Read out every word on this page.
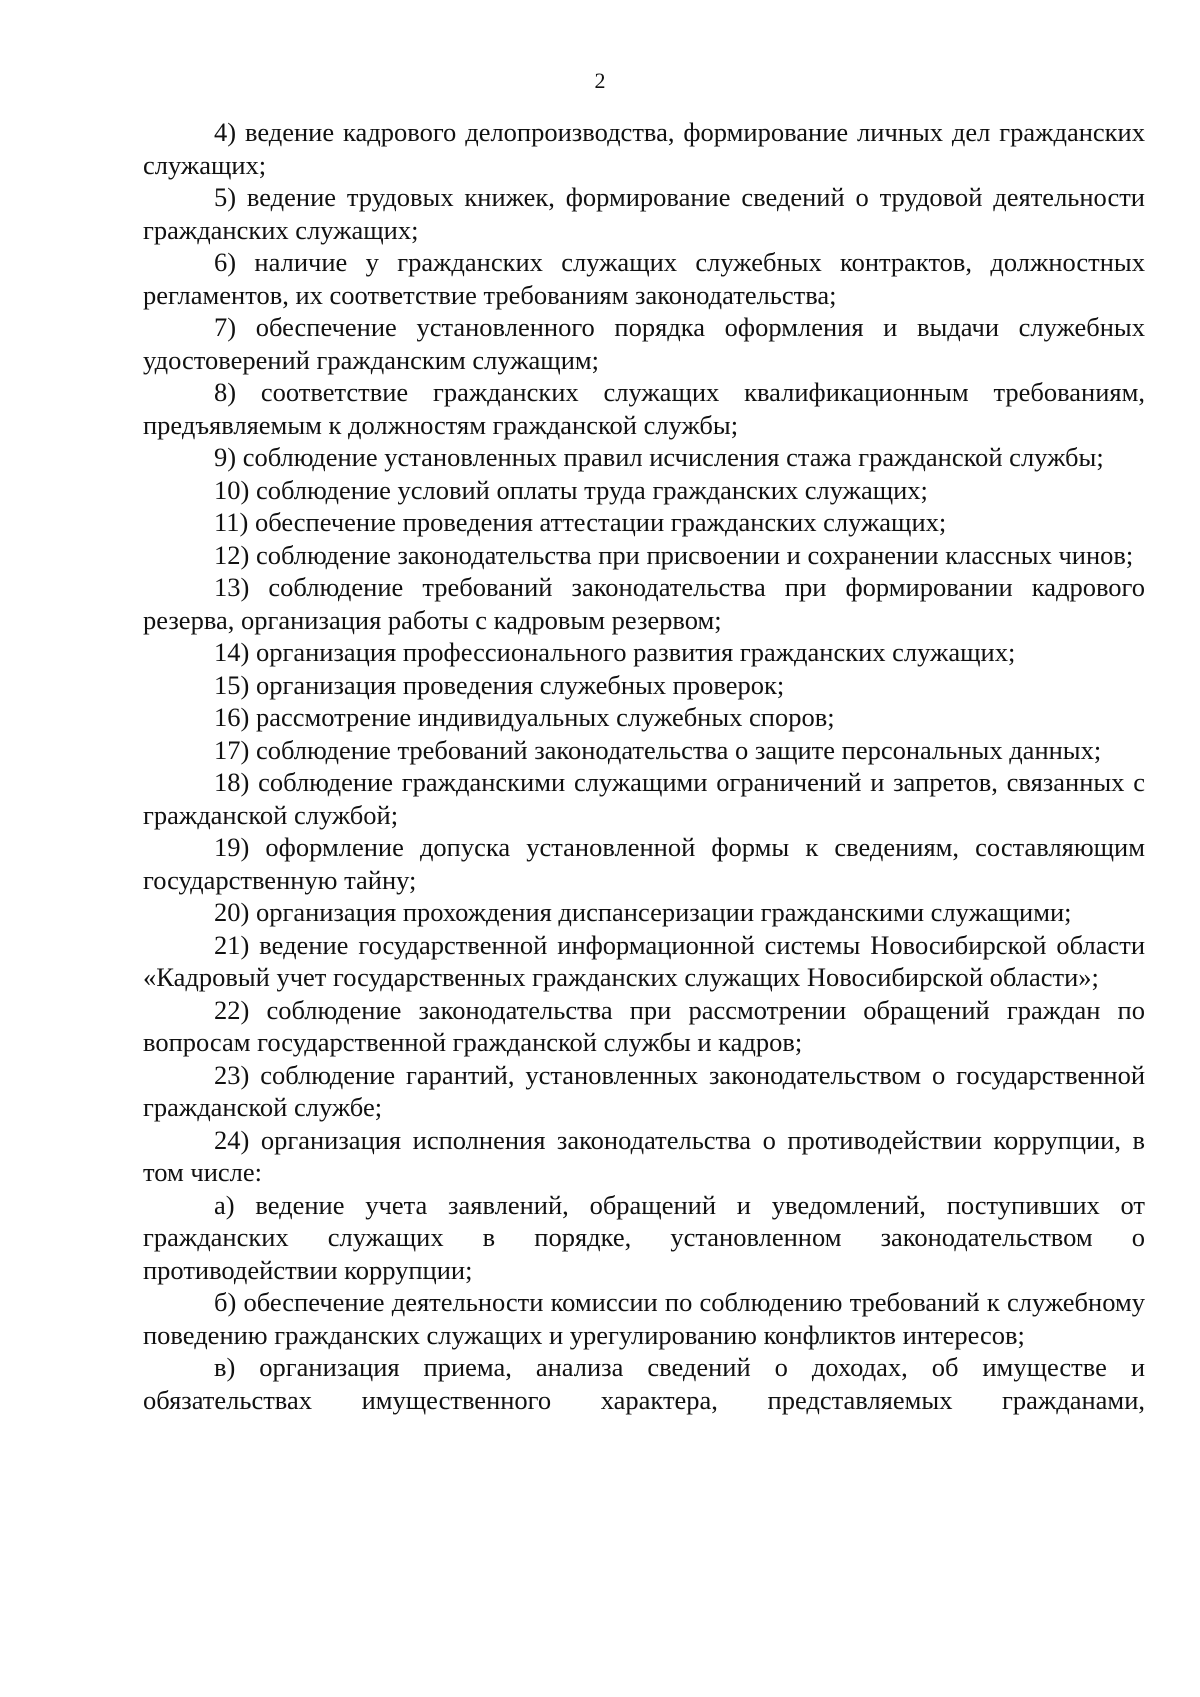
2

4) ведение кадрового делопроизводства, формирование личных дел гражданских служащих;

5) ведение трудовых книжек, формирование сведений о трудовой деятельности гражданских служащих;

6) наличие у гражданских служащих служебных контрактов, должностных регламентов, их соответствие требованиям законодательства;

7) обеспечение установленного порядка оформления и выдачи служебных удостоверений гражданским служащим;

8) соответствие гражданских служащих квалификационным требованиям, предъявляемым к должностям гражданской службы;

9) соблюдение установленных правил исчисления стажа гражданской службы;

10) соблюдение условий оплаты труда гражданских служащих;

11) обеспечение проведения аттестации гражданских служащих;

12) соблюдение законодательства при присвоении и сохранении классных чинов;

13) соблюдение требований законодательства при формировании кадрового резерва, организация работы с кадровым резервом;

14) организация профессионального развития гражданских служащих;

15) организация проведения служебных проверок;

16) рассмотрение индивидуальных служебных споров;

17) соблюдение требований законодательства о защите персональных данных;

18) соблюдение гражданскими служащими ограничений и запретов, связанных с гражданской службой;

19) оформление допуска установленной формы к сведениям, составляющим государственную тайну;

20) организация прохождения диспансеризации гражданскими служащими;

21) ведение государственной информационной системы Новосибирской области «Кадровый учет государственных гражданских служащих Новосибирской области»;

22) соблюдение законодательства при рассмотрении обращений граждан по вопросам государственной гражданской службы и кадров;

23) соблюдение гарантий, установленных законодательством о государственной гражданской службе;

24) организация исполнения законодательства о противодействии коррупции, в том числе:

а) ведение учета заявлений, обращений и уведомлений, поступивших от гражданских служащих в порядке, установленном законодательством о противодействии коррупции;

б) обеспечение деятельности комиссии по соблюдению требований к служебному поведению гражданских служащих и урегулированию конфликтов интересов;

в) организация приема, анализа сведений о доходах, об имуществе и обязательствах имущественного характера, представляемых гражданами,
